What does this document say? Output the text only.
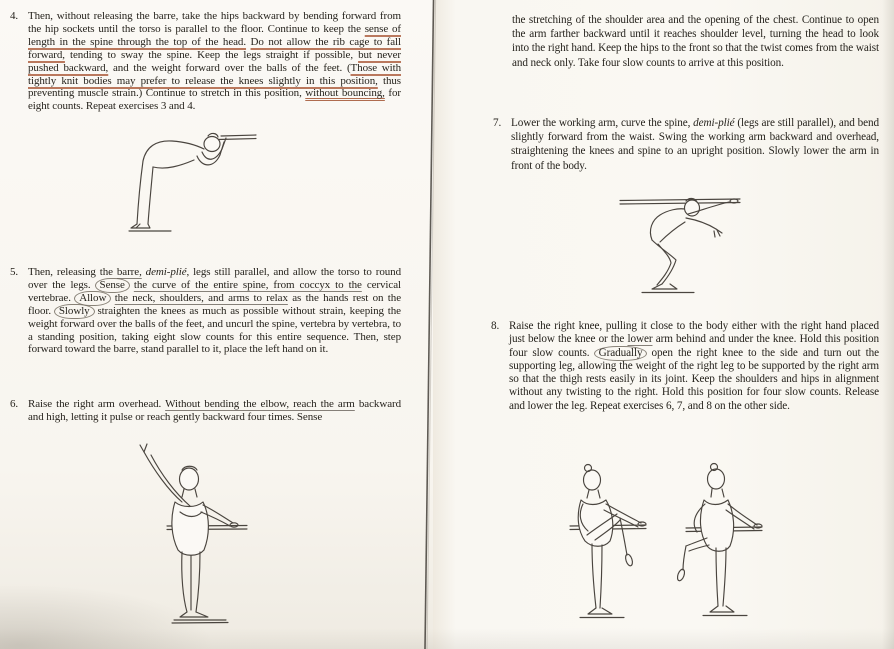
4. Then, without releasing the barre, take the hips backward by bending forward from the hip sockets until the torso is parallel to the floor. Continue to keep the sense of length in the spine through the top of the head. Do not allow the rib cage to fall forward, tending to sway the spine. Keep the legs straight if possible, but never pushed backward, and the weight forward over the balls of the feet. (Those with tightly knit bodies may prefer to release the knees slightly in this position, thus preventing muscle strain.) Continue to stretch in this position, without bouncing, for eight counts. Repeat exercises 3 and 4.
5. Then, releasing the barre, demi-plié, legs still parallel, and allow the torso to round over the legs. Sense the curve of the entire spine, from coccyx to the cervical vertebrae. Allow the neck, shoulders, and arms to relax as the hands rest on the floor. Slowly straighten the knees as much as possible without strain, keeping the weight forward over the balls of the feet, and uncurl the spine, vertebra by vertebra, to a standing position, taking eight slow counts for this entire sequence. Then, step forward toward the barre, stand parallel to it, place the left hand on it.
6. Raise the right arm overhead. Without bending the elbow, reach the arm backward and high, letting it pulse or reach gently backward four times. Sense
the stretching of the shoulder area and the opening of the chest. Continue to open the arm farther backward until it reaches shoulder level, turning the head to look into the right hand. Keep the hips to the front so that the twist comes from the waist and neck only. Take four slow counts to arrive at this position.
7. Lower the working arm, curve the spine, demi-plié (legs are still parallel), and bend slightly forward from the waist. Swing the working arm backward and overhead, straightening the knees and spine to an upright position. Slowly lower the arm in front of the body.
8. Raise the right knee, pulling it close to the body either with the right hand placed just below the knee or the lower arm behind and under the knee. Hold this position four slow counts. Gradually open the right knee to the side and turn out the supporting leg, allowing the weight of the right leg to be supported by the right arm so that the thigh rests easily in its joint. Keep the shoulders and hips in alignment without any twisting to the right. Hold this position for four slow counts. Release and lower the leg. Repeat exercises 6, 7, and 8 on the other side.
